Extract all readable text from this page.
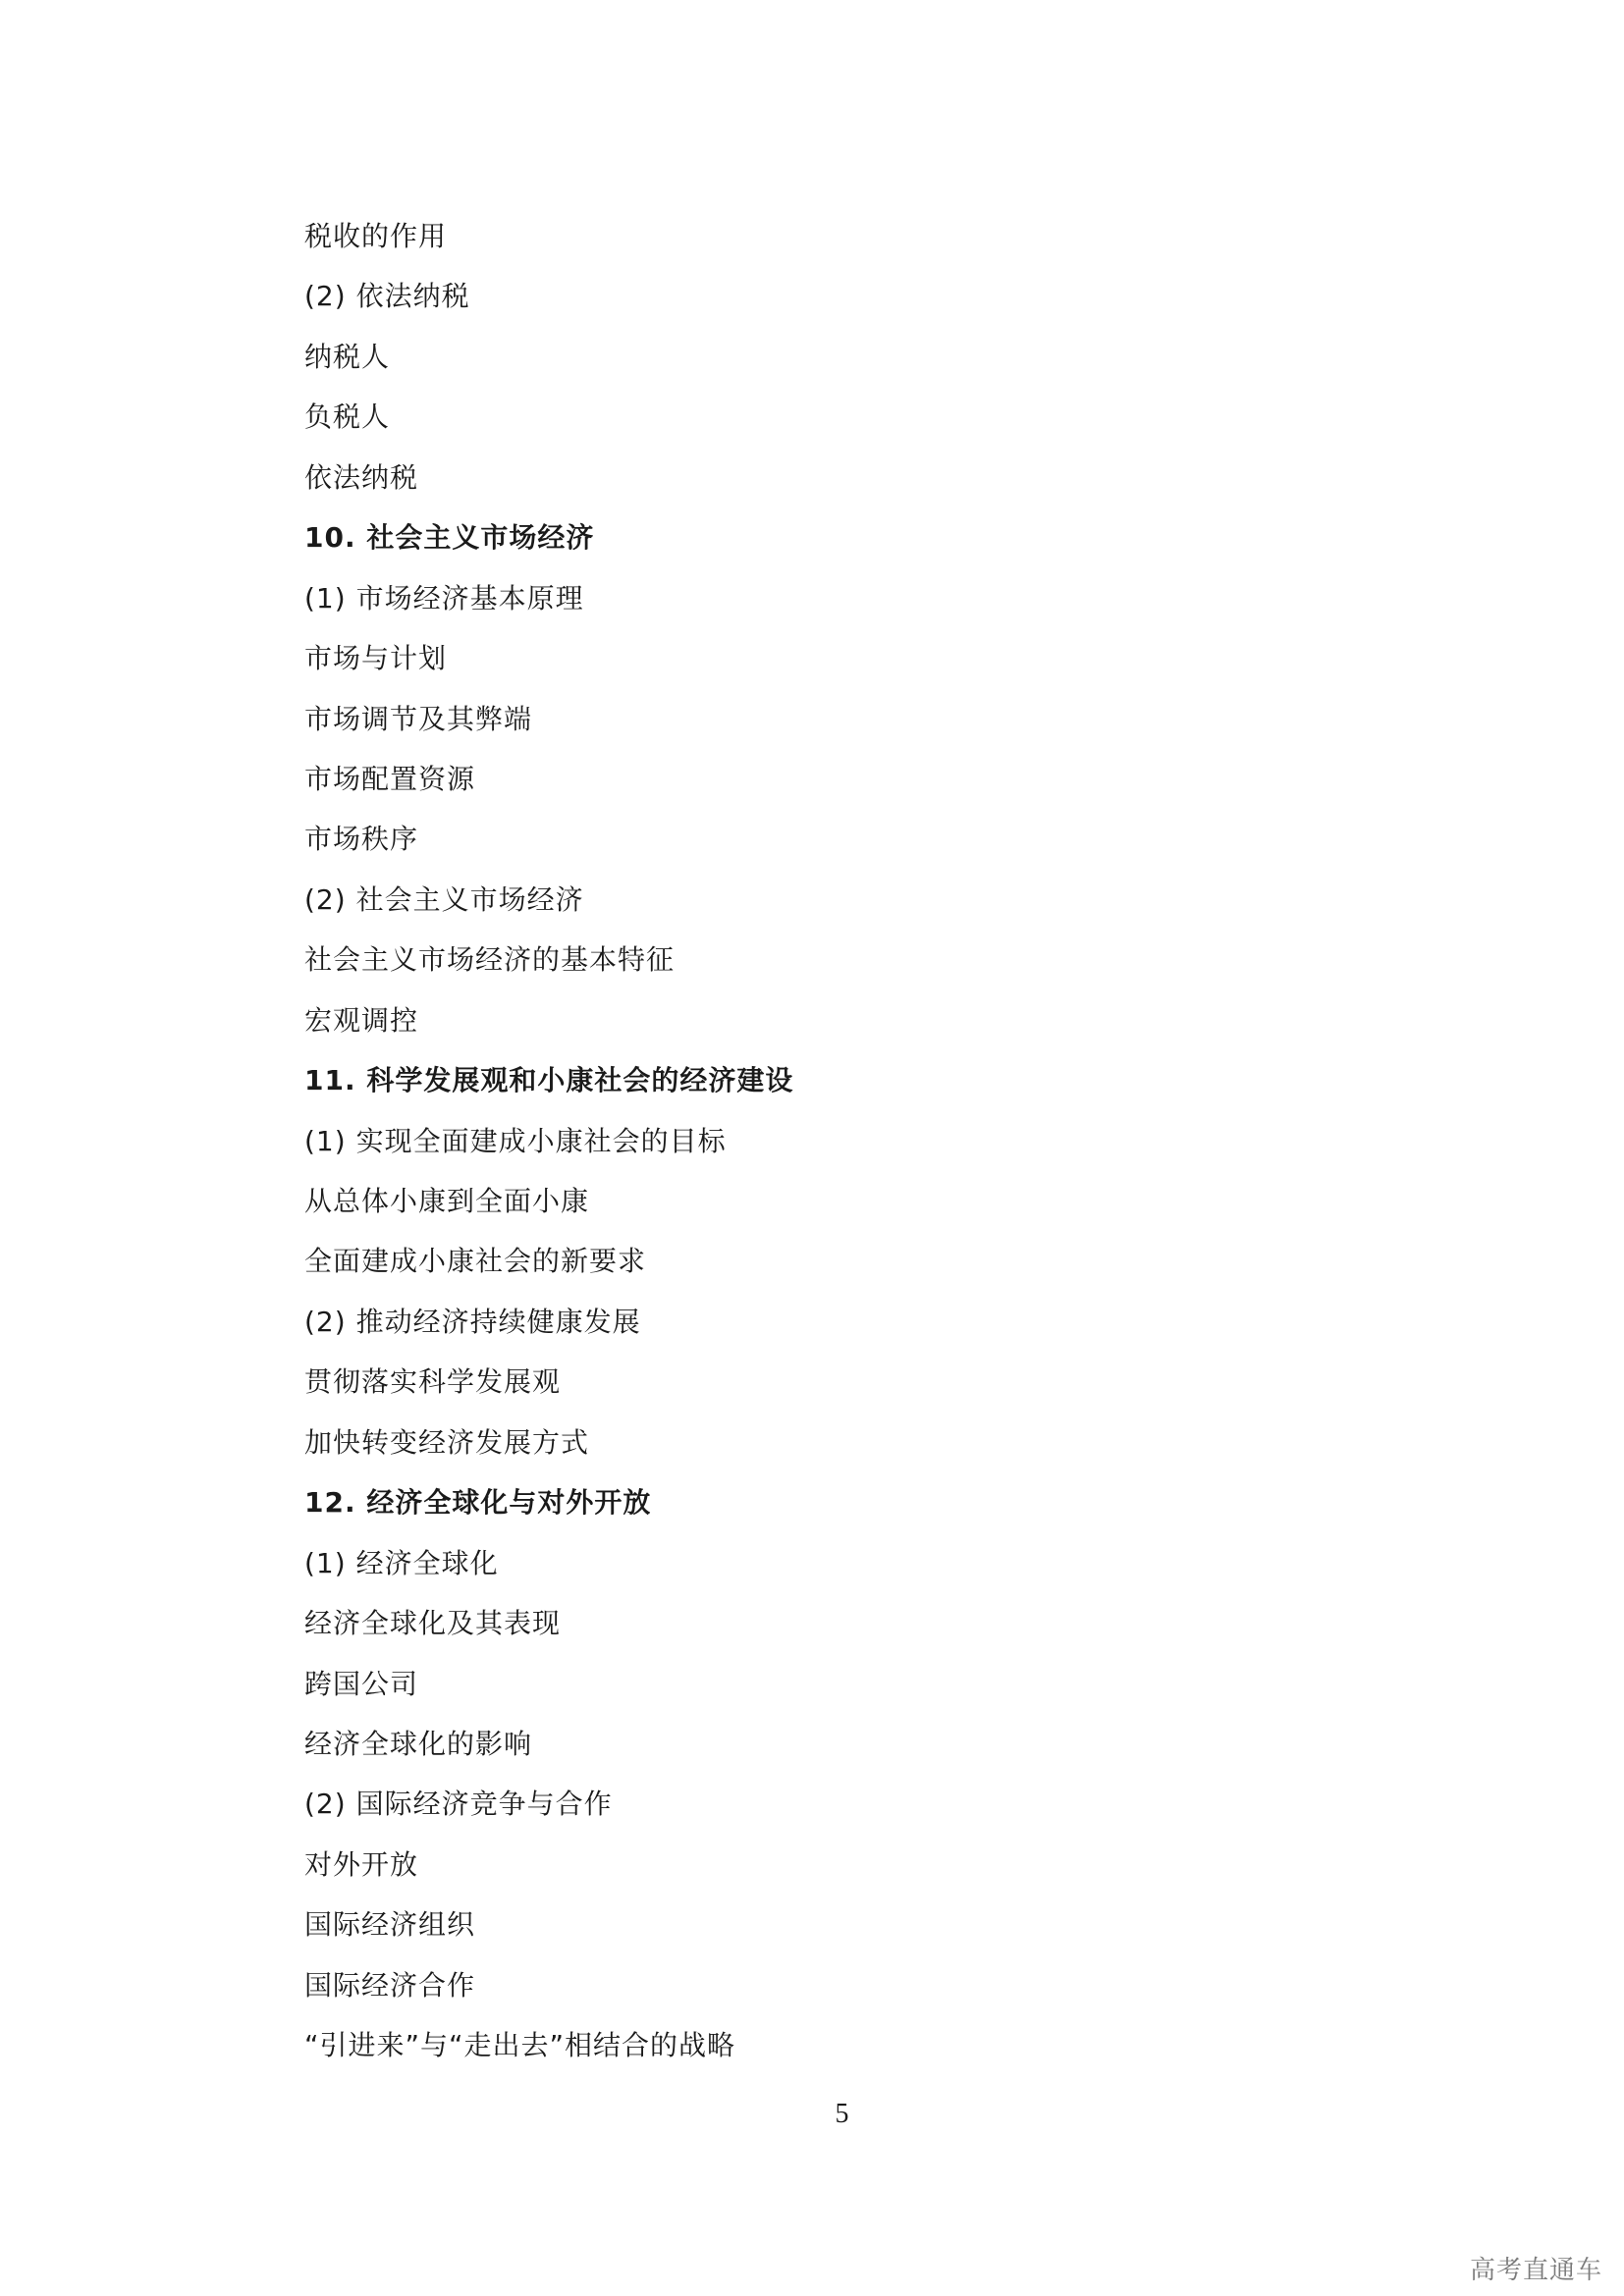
税收的作用
(2) 依法纳税
纳税人
负税人
依法纳税
10. 社会主义市场经济
(1) 市场经济基本原理
市场与计划
市场调节及其弊端
市场配置资源
市场秩序
(2) 社会主义市场经济
社会主义市场经济的基本特征
宏观调控
11. 科学发展观和小康社会的经济建设
(1) 实现全面建成小康社会的目标
从总体小康到全面小康
全面建成小康社会的新要求
(2) 推动经济持续健康发展
贯彻落实科学发展观
加快转变经济发展方式
12. 经济全球化与对外开放
(1) 经济全球化
经济全球化及其表现
跨国公司
经济全球化的影响
(2) 国际经济竞争与合作
对外开放
国际经济组织
国际经济合作
“引进来”与“走出去”相结合的战略
5
高考直通车
